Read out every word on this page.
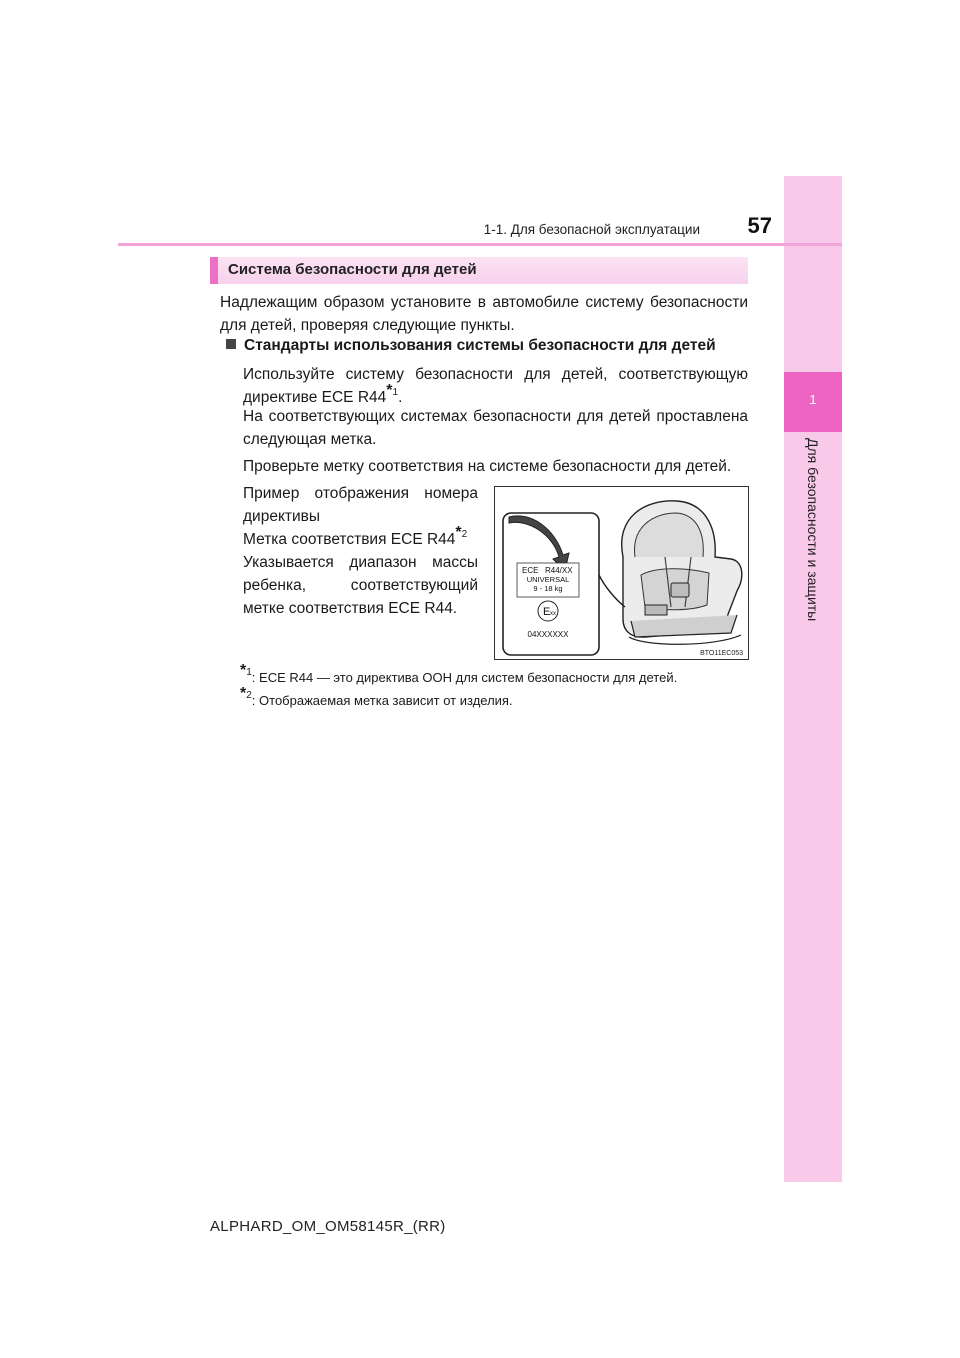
1
Для безопасности и защиты
1-1. Для безопасной эксплуатации	57
Система безопасности для детей
Надлежащим образом установите в автомобиле систему безопасности для детей, проверяя следующие пункты.
Стандарты использования системы безопасности для детей
Используйте систему безопасности для детей, соответствующую директиве ECE R44$^{*1}$.
На соответствующих системах безопасности для детей проставлена следующая метка.
Проверьте метку соответствия на системе безопасности для детей.
Пример отображения номера директивы
Метка соответствия ECE R44$^{*2}$
Указывается диапазон массы ребенка, соответствующий метке соответствия ECE R44.
ECE R44/XX
UNIVERSAL
9 - 18 kg
E xx
04XXXXXX
BTO11EC053
$^{*1}$: ECE R44 — это директива ООН для систем безопасности для детей.
$^{*2}$: Отображаемая метка зависит от изделия.
ALPHARD_OM_OM58145R_(RR)
